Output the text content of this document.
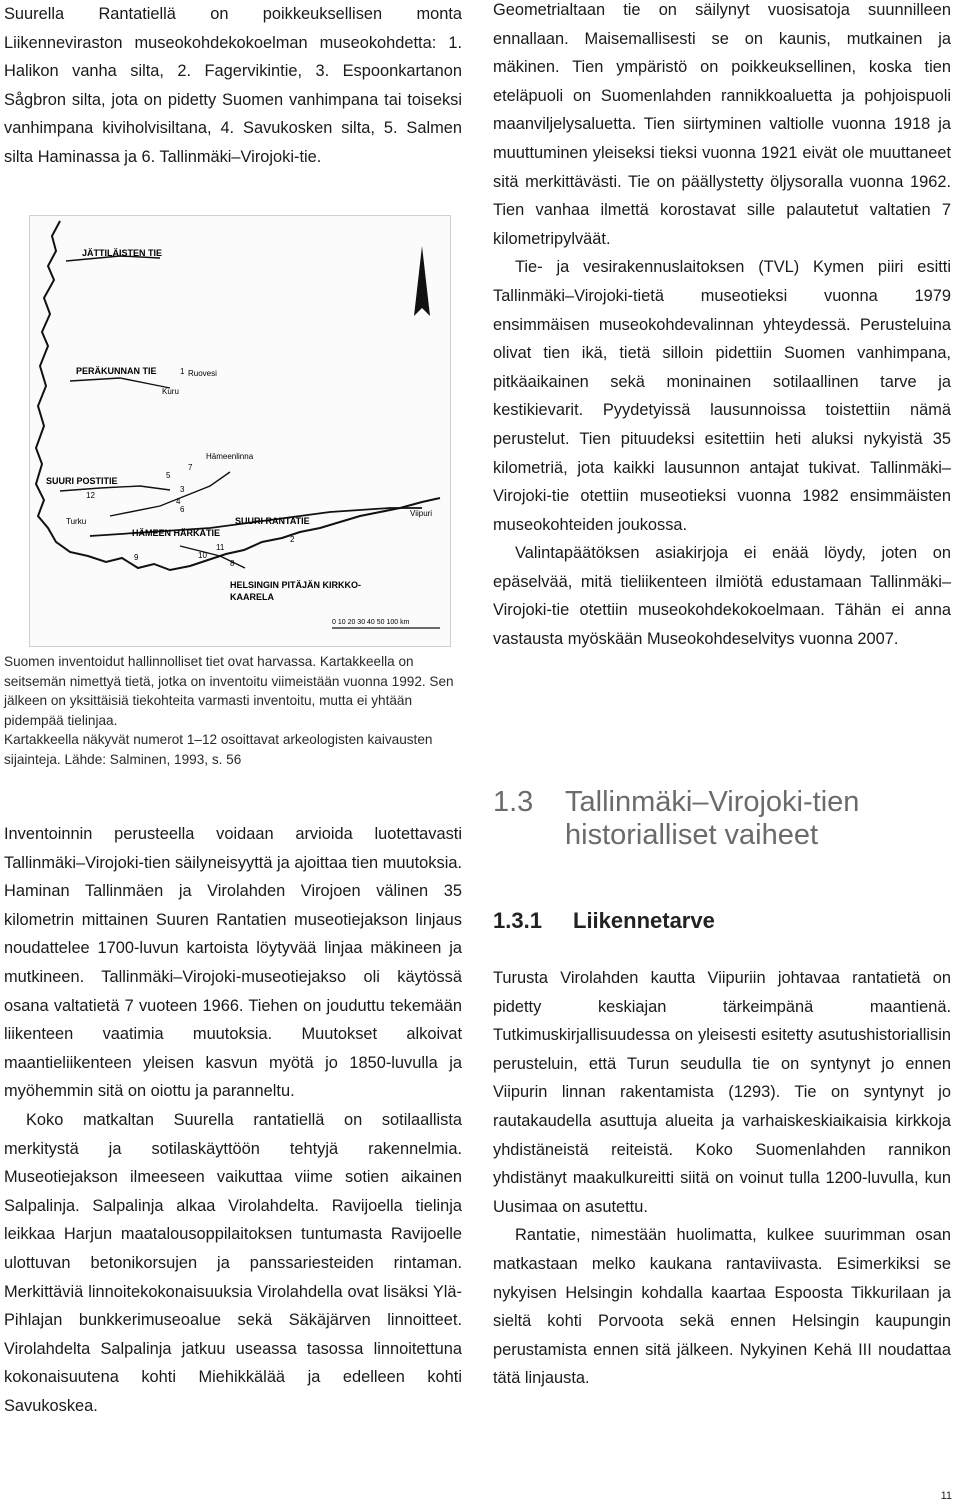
Suurella Rantatiellä on poikkeuksellisen monta Liikenneviraston museokohdekokoelman museokohdetta: 1. Halikon vanha silta, 2. Fagervikintie, 3. Espoonkartanon Sågbron silta, jota on pidetty Suomen vanhimpana tai toiseksi vanhimpana kiviholvisiltana, 4. Savukosken silta, 5. Salmen silta Haminassa ja 6. Tallinmäki–Virojoki-tie.

JÄTTILÄISTEN TIE
PERÄKUNNAN TIE	Ruovesi
Kuru
SUURI POSTITIE
Turku
Hämeenlinna
HÄMEEN HÄRKÄTIE
SUURI RANTATIE
Viipuri
HELSINGIN PITÄJÄN KIRKKO-
KAARELA
0 10 20 30 40 50 100 km
1
2
3
4
5
6
7
8
9	10
11
12

Suomen inventoidut hallinnolliset tiet ovat harvassa. Kartakkeella on seitsemän nimettyä tietä, jotka on inventoitu viimeistään vuonna 1992. Sen jälkeen on yksittäisiä tiekohteita varmasti inventoitu, mutta ei yhtään pidempää tielinjaa.

Kartakkeella näkyvät numerot 1–12 osoittavat arkeologisten kaivausten sijainteja. Lähde: Salminen, 1993, s. 56

Inventoinnin perusteella voidaan arvioida luotettavasti Tallinmäki–Virojoki-tien säilyneisyyttä ja ajoittaa tien muutoksia. Haminan Tallinmäen ja Virolahden Virojoen välinen 35 kilometrin mittainen Suuren Rantatien museotiejakson linjaus noudattelee 1700-luvun kartoista löytyvää linjaa mäkineen ja mutkineen. Tallinmäki–Virojoki-museotiejakso oli käytössä osana valtatietä 7 vuoteen 1966. Tiehen on jouduttu tekemään liikenteen vaatimia muutoksia. Muutokset alkoivat maantieliikenteen yleisen kasvun myötä jo 1850-luvulla ja myöhemmin sitä on oiottu ja paranneltu.

Koko matkaltan Suurella rantatiellä on sotilaallista merkitystä ja sotilaskäyttöön tehtyjä rakennelmia. Museotiejakson ilmeeseen vaikuttaa viime sotien aikainen Salpalinja. Salpalinja alkaa Virolahdelta. Ravijoella tielinja leikkaa Harjun maatalousoppilaitoksen tuntumasta Ravijoelle ulottuvan betonikorsujen ja panssariesteiden rintaman. Merkittäviä linnoitekokonaisuuksia Virolahdella ovat lisäksi Ylä-Pihlajan bunkkerimuseoalue sekä Säkäjärven linnoitteet. Virolahdelta Salpalinja jatkuu useassa tasossa linnoitettuna kokonaisuutena kohti Miehikkälää ja edelleen kohti Savukoskea.

Geometrialtaan tie on säilynyt vuosisatoja suunnilleen ennallaan. Maisemallisesti se on kaunis, mutkainen ja mäkinen. Tien ympäristö on poikkeuksellinen, koska tien eteläpuoli on Suomenlahden rannikkoaluetta ja pohjoispuoli maanviljelysaluetta. Tien siirtyminen valtiolle vuonna 1918 ja muuttuminen yleiseksi tieksi vuonna 1921 eivät ole muuttaneet sitä merkittävästi. Tie on päällystetty öljysoralla vuonna 1962. Tien vanhaa ilmettä korostavat sille palautetut valtatien 7 kilometripylväät.

Tie- ja vesirakennuslaitoksen (TVL) Kymen piiri esitti Tallinmäki–Virojoki-tietä museotieksi vuonna 1979 ensimmäisen museokohdevalinnan yhteydessä. Perusteluina olivat tien ikä, tietä silloin pidettiin Suomen vanhimpana, pitkäaikainen sekä moninainen sotilaallinen tarve ja kestikievarit. Pyydetyissä lausunnoissa toistettiin nämä perustelut. Tien pituudeksi esitettiin heti aluksi nykyistä 35 kilometriä, jota kaikki lausunnon antajat tukivat. Tallinmäki–Virojoki-tie otettiin museotieksi vuonna 1982 ensimmäisten museokohteiden joukossa.

Valintapäätöksen asiakirjoja ei enää löydy, joten on epäselvää, mitä tieliikenteen ilmiötä edustamaan Tallinmäki–Virojoki-tie otettiin museokohdekokoelmaan. Tähän ei anna vastausta myöskään Museokohdeselvitys vuonna 2007.

1.3 Tallinmäki–Virojoki-tien historialliset vaiheet
1.3.1 Liikennetarve

Turusta Virolahden kautta Viipuriin johtavaa rantatietä on pidetty keskiajan tärkeimpänä maantienä. Tutkimuskirjallisuudessa on yleisesti esitetty asutushistoriallisin perusteluin, että Turun seudulla tie on syntynyt jo ennen Viipurin linnan rakentamista (1293). Tie on syntynyt jo rautakaudella asuttuja alueita ja varhaiskeskiaikaisia kirkkoja yhdistäneistä reiteistä. Koko Suomenlahden rannikon yhdistänyt maakulkureitti siitä on voinut tulla 1200-luvulla, kun Uusimaa on asutettu.

Rantatie, nimestään huolimatta, kulkee suurimman osan matkastaan melko kaukana rantaviivasta. Esimerkiksi se nykyisen Helsingin kohdalla kaartaa Espoosta Tikkurilaan ja sieltä kohti Porvoota sekä ennen Helsingin kaupungin perustamista ennen sitä jälkeen. Nykyinen Kehä III noudattaa tätä linjausta.

11
